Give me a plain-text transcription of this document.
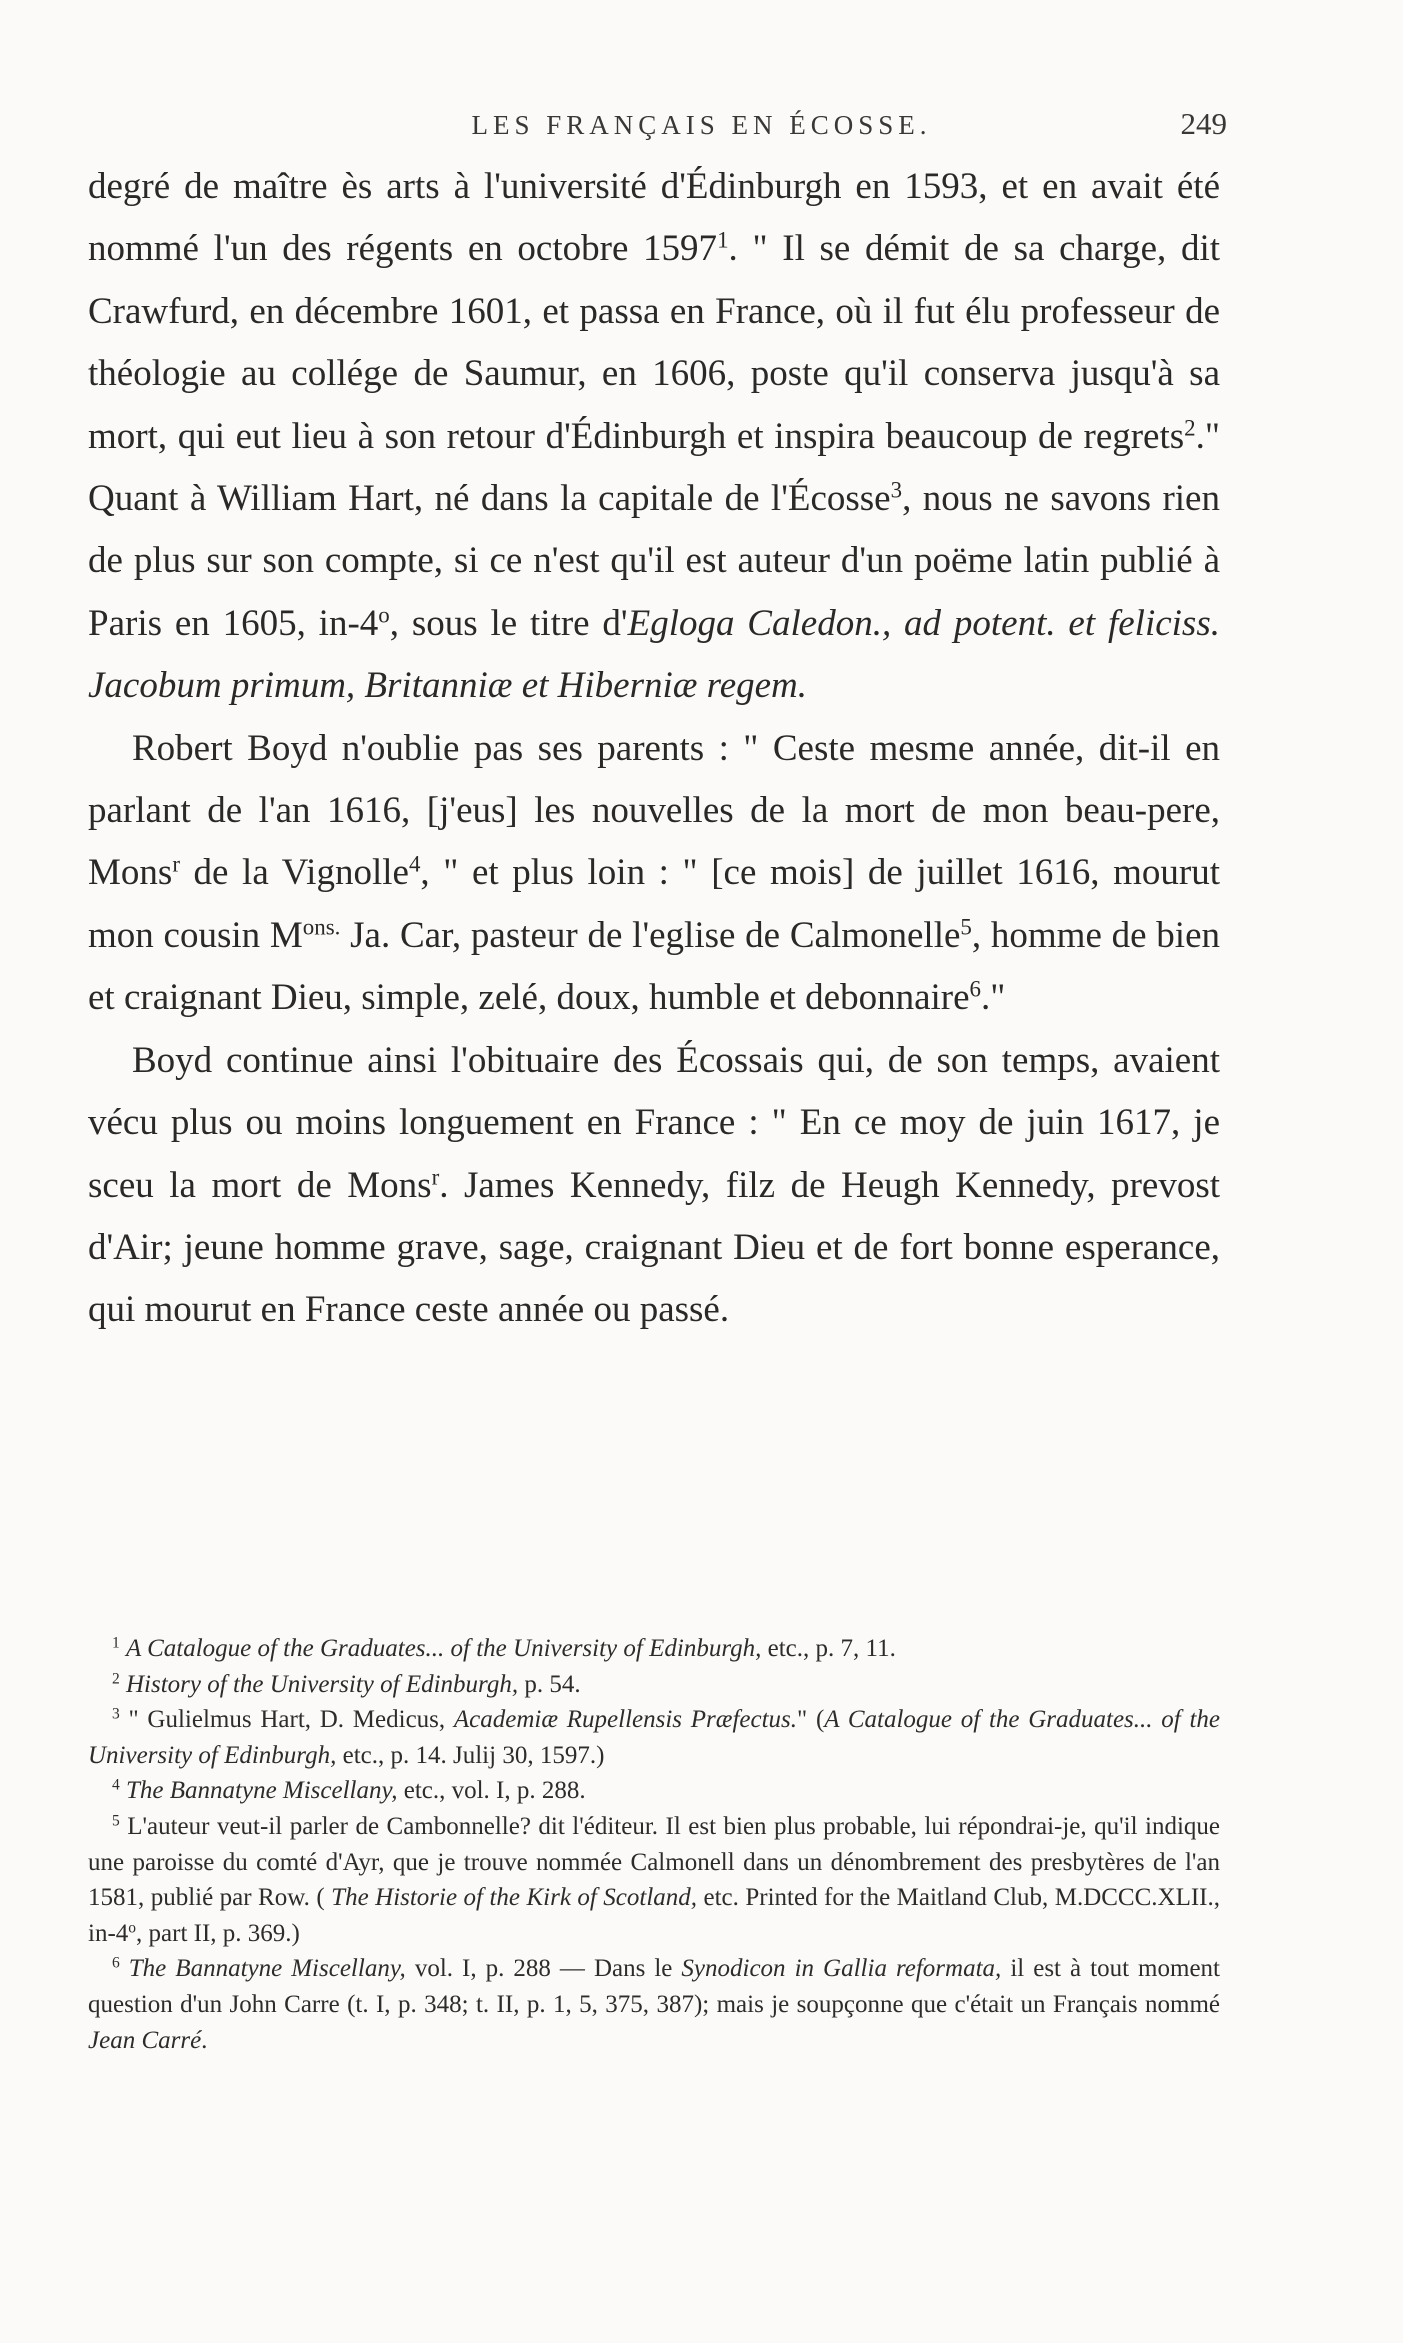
LES FRANÇAIS EN ÉCOSSE.	249

degré de maître ès arts à l'université d'Édinburgh en 1593, et en avait été nommé l'un des régents en octobre 1597$^1$. " Il se démit de sa charge, dit Crawfurd, en décembre 1601, et passa en France, où il fut élu professeur de théologie au collége de Saumur, en 1606, poste qu'il conserva jusqu'à sa mort, qui eut lieu à son retour d'Édinburgh et inspira beaucoup de regrets$^2$." Quant à William Hart, né dans la capitale de l'Écosse$^3$, nous ne savons rien de plus sur son compte, si ce n'est qu'il est auteur d'un poëme latin publié à Paris en 1605, in-4$^o$, sous le titre d'Egloga Caledon., ad potent. et feliciss. Jacobum primum, Britanniæ et Hiberniæ regem.

Robert Boyd n'oublie pas ses parents : " Ceste mesme année, dit-il en parlant de l'an 1616, [j'eus] les nouvelles de la mort de mon beau-pere, Mons$^r$ de la Vignolle$^4$, " et plus loin : " [ce mois] de juillet 1616, mourut mon cousin $M^{ons.}$ Ja. Car, pasteur de l'eglise de Calmonelle$^5$, homme de bien et craignant Dieu, simple, zelé, doux, humble et debonnaire$^6$."

Boyd continue ainsi l'obituaire des Écossais qui, de son temps, avaient vécu plus ou moins longuement en France : " En ce moy de juin 1617, je sceu la mort de Mons$^r$. James Kennedy, filz de Heugh Kennedy, prevost d'Air; jeune homme grave, sage, craignant Dieu et de fort bonne esperance, qui mourut en France ceste année ou passé.

$^1$ A Catalogue of the Graduates... of the University of Edinburgh, etc., p. 7, 11.

$^2$ History of the University of Edinburgh, p. 54.

$^3$ " Gulielmus Hart, D. Medicus, Academiæ Rupellensis Præfectus." (A Catalogue of the Graduates... of the University of Edinburgh, etc., p. 14. Julij 30, 1597.)

$^4$ The Bannatyne Miscellany, etc., vol. I, p. 288.

$^5$ L'auteur veut-il parler de Cambonnelle? dit l'éditeur. Il est bien plus probable, lui répondrai-je, qu'il indique une paroisse du comté d'Ayr, que je trouve nommée Calmonell dans un dénombrement des presbytères de l'an 1581, publié par Row. ( The Historie of the Kirk of Scotland, etc. Printed for the Maitland Club, M.DCCC.XLII., in-4$^o$, part II, p. 369.)

$^6$ The Bannatyne Miscellany, vol. I, p. 288 — Dans le Synodicon in Gallia reformata, il est à tout moment question d'un John Carre (t. I, p. 348; t. II, p. 1, 5, 375, 387); mais je soupçonne que c'était un Français nommé Jean Carré.
